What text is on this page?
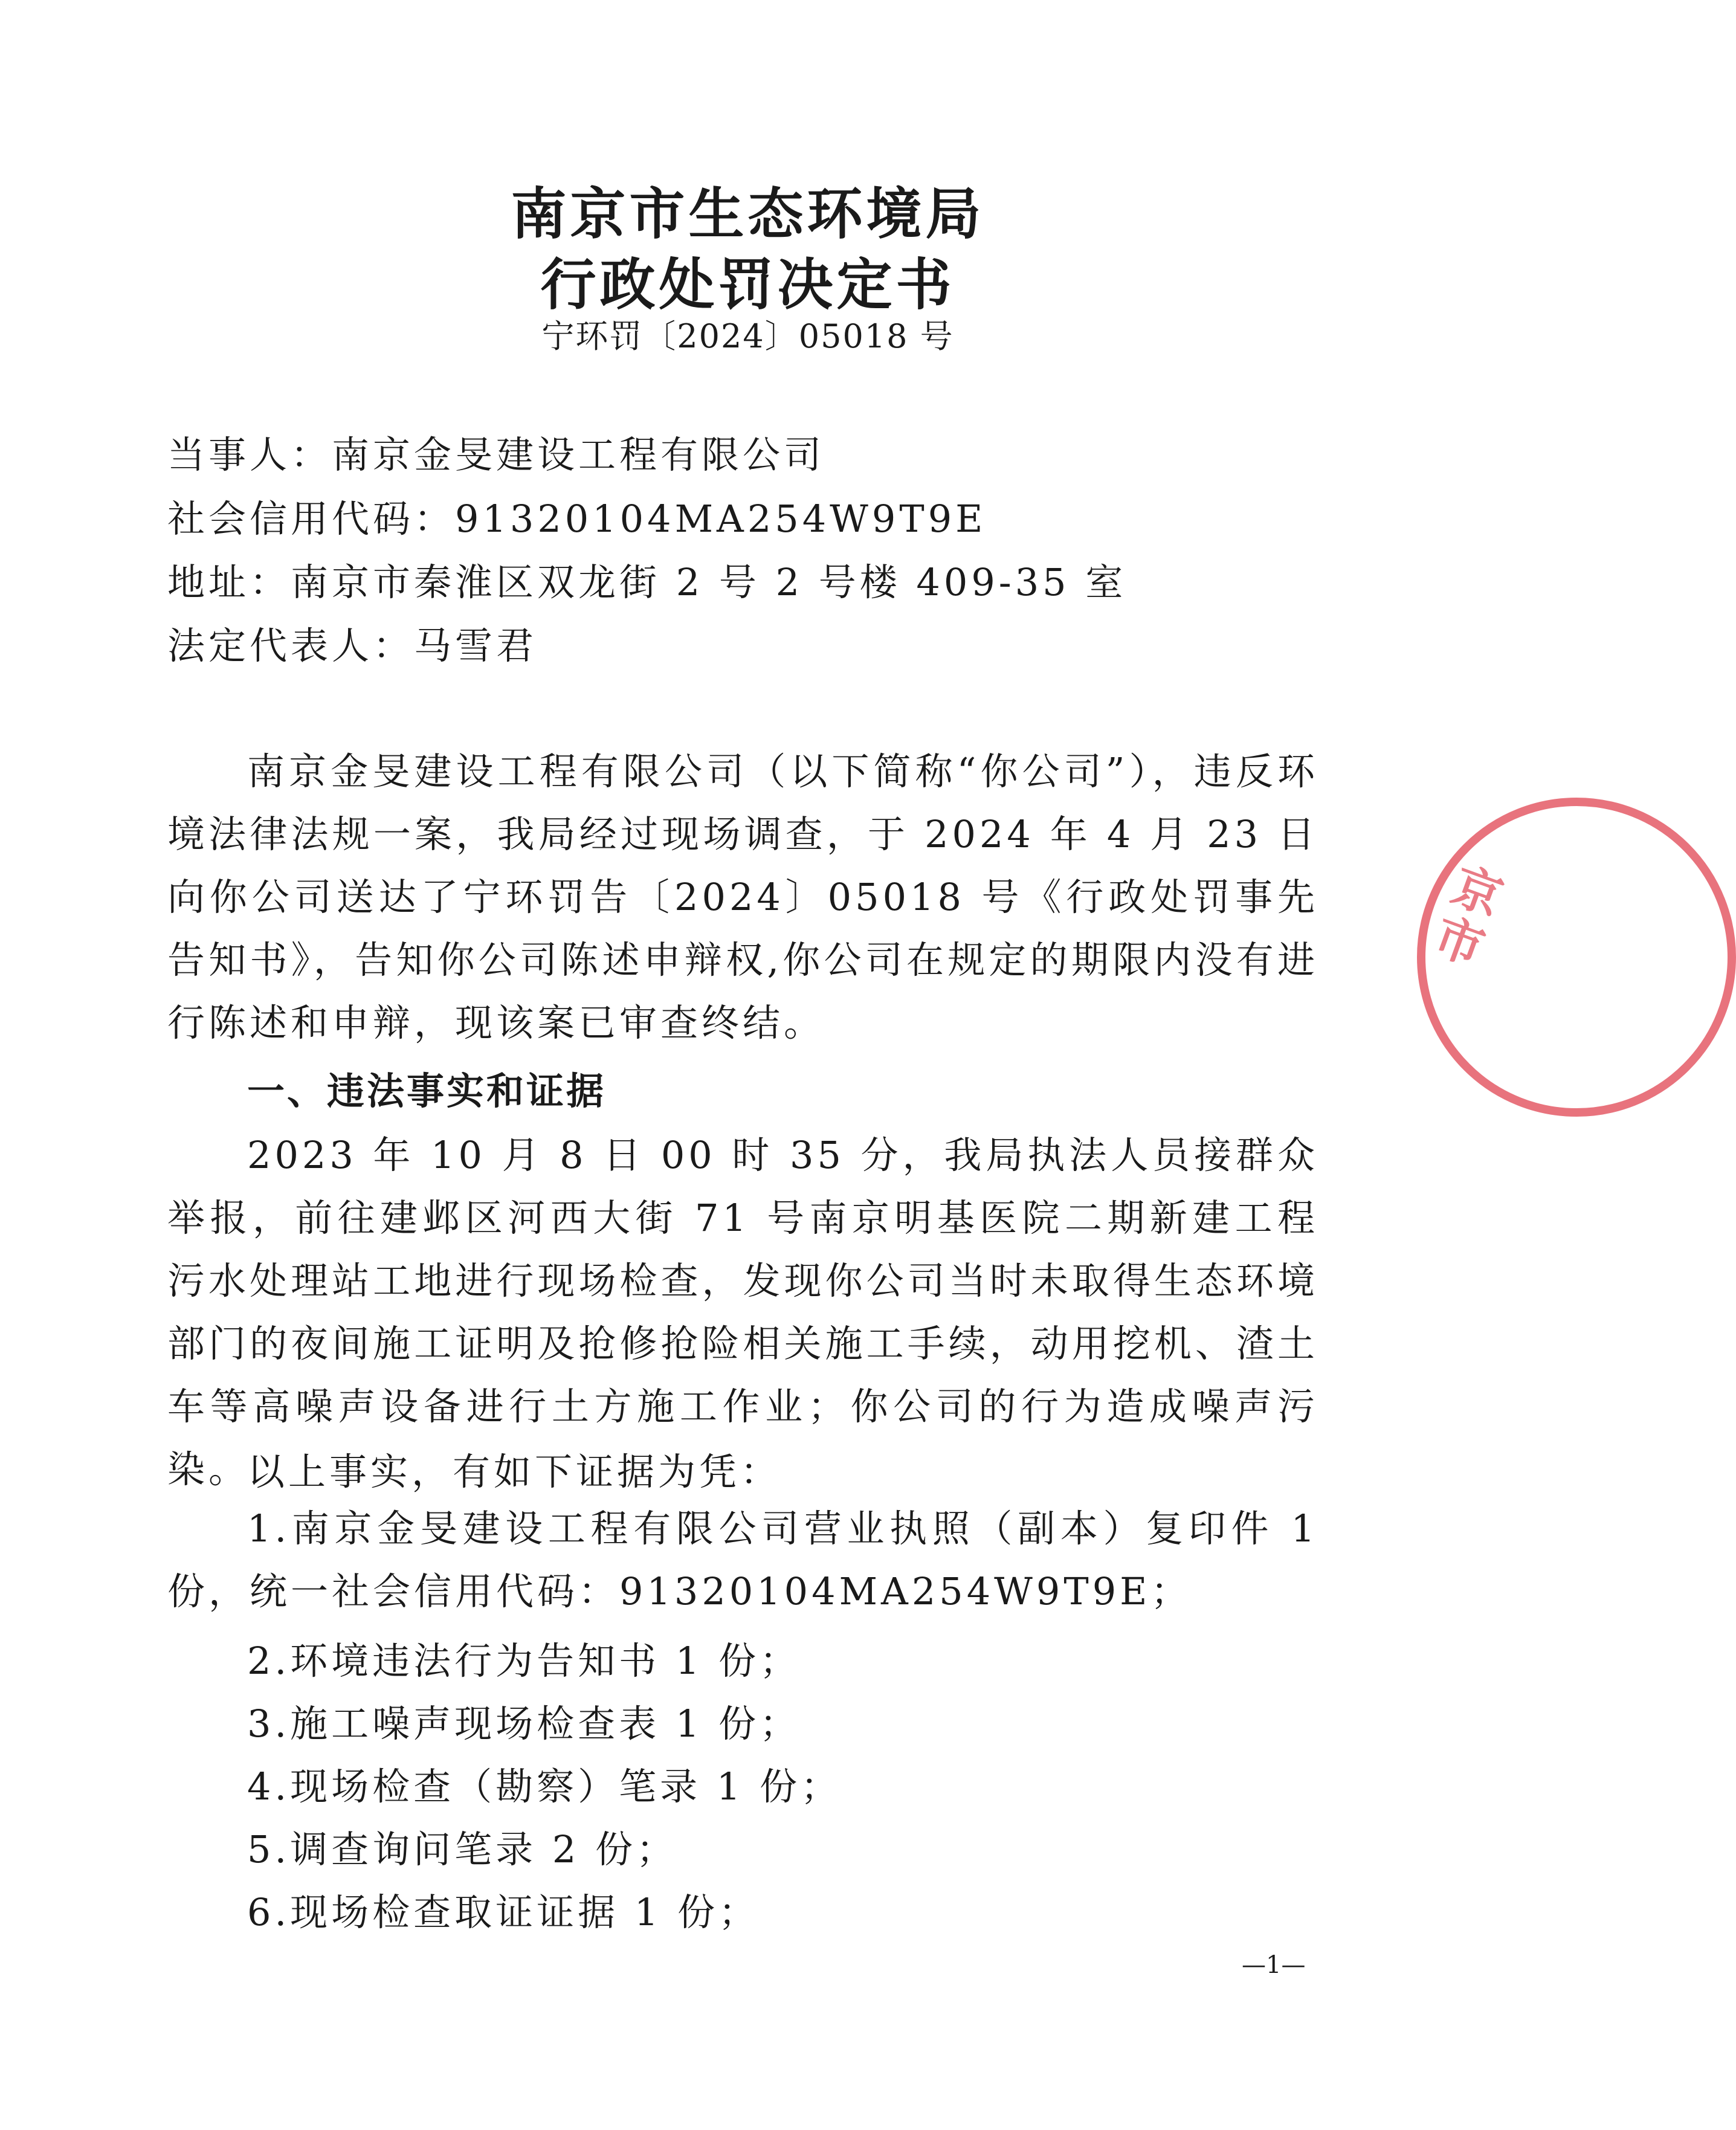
南京市生态环境局
行政处罚决定书
宁环罚〔2024〕05018 号
当事人：南京金旻建设工程有限公司
社会信用代码：91320104MA254W9T9E
地址：南京市秦淮区双龙街 2 号 2 号楼 409-35 室
法定代表人：马雪君
南京金旻建设工程有限公司（以下简称“你公司”），违反环境法律法规一案，我局经过现场调查，于 2024 年 4 月 23 日向你公司送达了宁环罚告〔2024〕05018 号《行政处罚事先告知书》，告知你公司陈述申辩权,你公司在规定的期限内没有进行陈述和申辩，现该案已审查终结。
一、违法事实和证据
2023 年 10 月 8 日 00 时 35 分，我局执法人员接群众举报，前往建邺区河西大街 71 号南京明基医院二期新建工程污水处理站工地进行现场检查，发现你公司当时未取得生态环境部门的夜间施工证明及抢修抢险相关施工手续，动用挖机、渣土车等高噪声设备进行土方施工作业；你公司的行为造成噪声污染。
以上事实，有如下证据为凭：
1.南京金旻建设工程有限公司营业执照（副本）复印件 1 份，统一社会信用代码：91320104MA254W9T9E；
2.环境违法行为告知书 1 份；
3.施工噪声现场检查表 1 份；
4.现场检查（勘察）笔录 1 份；
5.调查询问笔录 2 份；
6.现场检查取证证据 1 份；
—1—
京市
